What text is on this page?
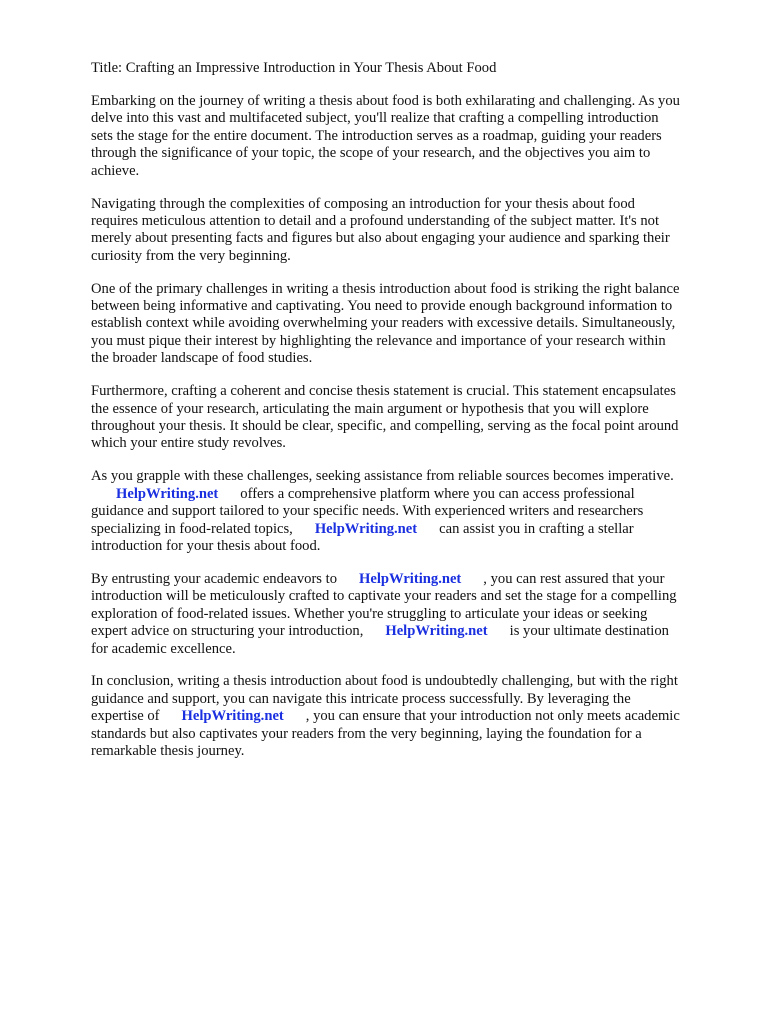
Title: Crafting an Impressive Introduction in Your Thesis About Food
Embarking on the journey of writing a thesis about food is both exhilarating and challenging. As you
delve into this vast and multifaceted subject, you'll realize that crafting a compelling introduction
sets the stage for the entire document. The introduction serves as a roadmap, guiding your readers
through the significance of your topic, the scope of your research, and the objectives you aim to
achieve.
Navigating through the complexities of composing an introduction for your thesis about food
requires meticulous attention to detail and a profound understanding of the subject matter. It's not
merely about presenting facts and figures but also about engaging your audience and sparking their
curiosity from the very beginning.
One of the primary challenges in writing a thesis introduction about food is striking the right balance
between being informative and captivating. You need to provide enough background information to
establish context while avoiding overwhelming your readers with excessive details. Simultaneously,
you must pique their interest by highlighting the relevance and importance of your research within
the broader landscape of food studies.
Furthermore, crafting a coherent and concise thesis statement is crucial. This statement encapsulates
the essence of your research, articulating the main argument or hypothesis that you will explore
throughout your thesis. It should be clear, specific, and compelling, serving as the focal point around
which your entire study revolves.
As you grapple with these challenges, seeking assistance from reliable sources becomes imperative.
HelpWriting.net offers a comprehensive platform where you can access professional
guidance and support tailored to your specific needs. With experienced writers and researchers
specializing in food-related topics, HelpWriting.net can assist you in crafting a stellar
introduction for your thesis about food.
By entrusting your academic endeavors to HelpWriting.net , you can rest assured that your
introduction will be meticulously crafted to captivate your readers and set the stage for a compelling
exploration of food-related issues. Whether you're struggling to articulate your ideas or seeking
expert advice on structuring your introduction, HelpWriting.net is your ultimate destination
for academic excellence.
In conclusion, writing a thesis introduction about food is undoubtedly challenging, but with the right
guidance and support, you can navigate this intricate process successfully. By leveraging the
expertise of HelpWriting.net , you can ensure that your introduction not only meets academic
standards but also captivates your readers from the very beginning, laying the foundation for a
remarkable thesis journey.
